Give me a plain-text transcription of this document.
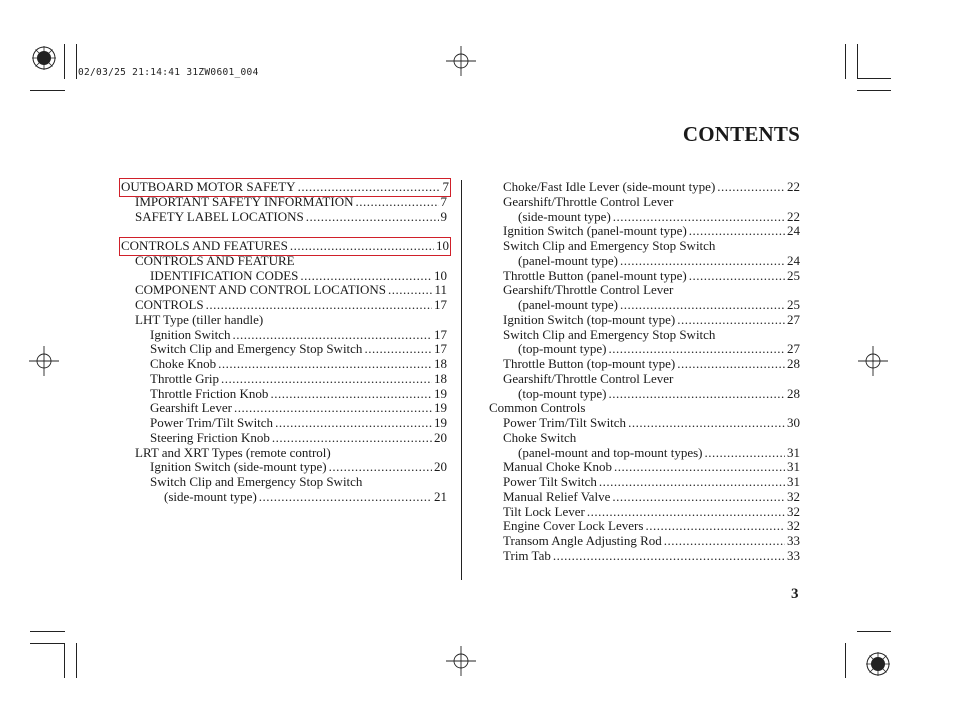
02/03/25 21:14:41 31ZW0601_004
CONTENTS
OUTBOARD MOTOR SAFETY .....	7
IMPORTANT SAFETY INFORMATION .....	7
SAFETY LABEL LOCATIONS .....	9
CONTROLS AND FEATURES .....	10
CONTROLS AND FEATURE
IDENTIFICATION CODES .....	10
COMPONENT AND CONTROL LOCATIONS .....	11
CONTROLS .....	17
LHT Type (tiller handle)
Ignition Switch .....	17
Switch Clip and Emergency Stop Switch .....	17
Choke Knob .....	18
Throttle Grip .....	18
Throttle Friction Knob .....	19
Gearshift Lever .....	19
Power Trim/Tilt Switch .....	19
Steering Friction Knob .....	20
LRT and XRT Types (remote control)
Ignition Switch (side-mount type) .....	20
Switch Clip and Emergency Stop Switch
(side-mount type) .....	21
Choke/Fast Idle Lever (side-mount type) .....	22
Gearshift/Throttle Control Lever
(side-mount type) .....	22
Ignition Switch (panel-mount type) .....	24
Switch Clip and Emergency Stop Switch
(panel-mount type) .....	24
Throttle Button (panel-mount type) .....	25
Gearshift/Throttle Control Lever
(panel-mount type) .....	25
Ignition Switch (top-mount type) .....	27
Switch Clip and Emergency Stop Switch
(top-mount type) .....	27
Throttle Button (top-mount type) .....	28
Gearshift/Throttle Control Lever
(top-mount type) .....	28
Common Controls
Power Trim/Tilt Switch .....	30
Choke Switch
(panel-mount and top-mount types) .....	31
Manual Choke Knob .....	31
Power Tilt Switch .....	31
Manual Relief Valve .....	32
Tilt Lock Lever .....	32
Engine Cover Lock Levers .....	32
Transom Angle Adjusting Rod .....	33
Trim Tab .....	33
3
